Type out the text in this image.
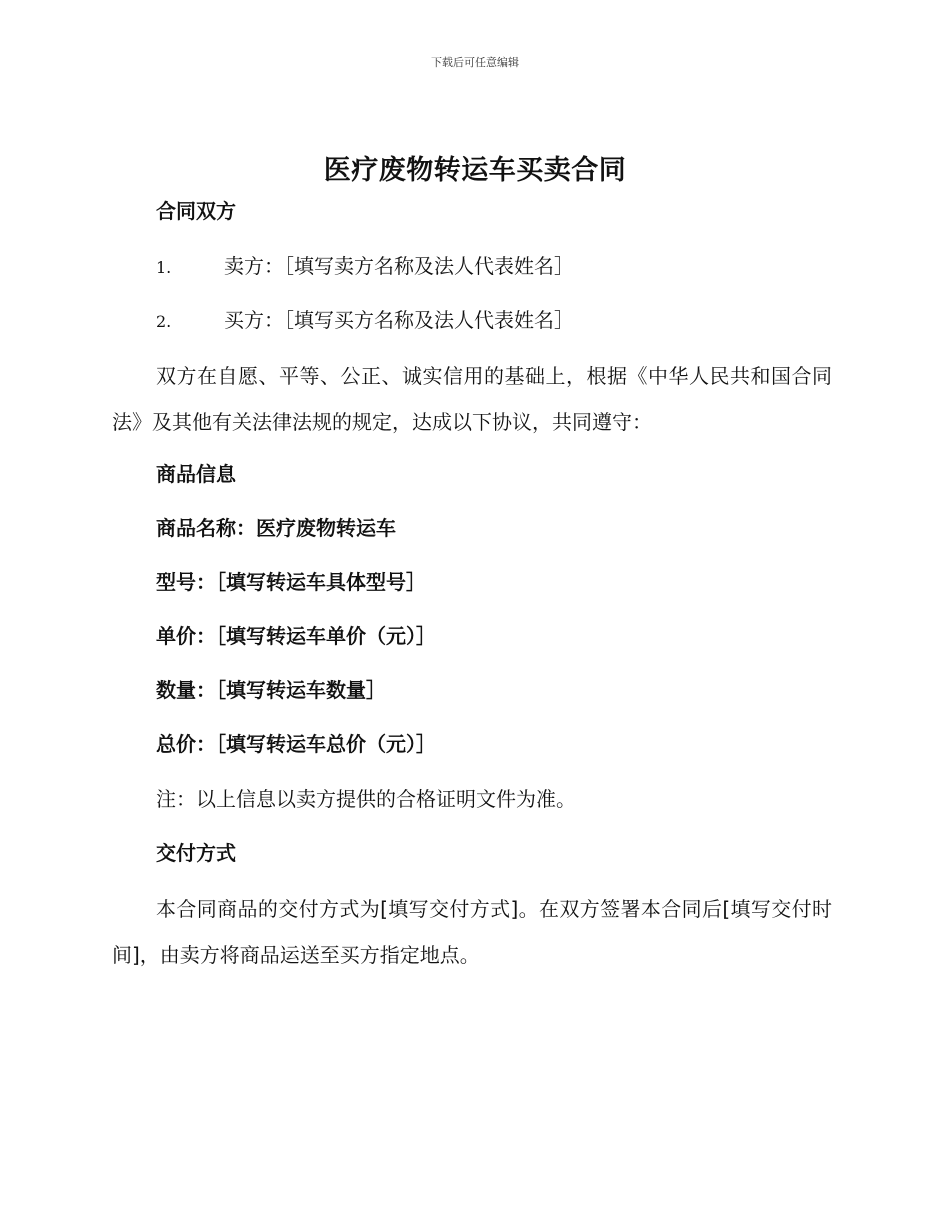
下载后可任意编辑
医疗废物转运车买卖合同
合同双方
1.	卖方：［填写卖方名称及法人代表姓名］
2.	买方：［填写买方名称及法人代表姓名］
双方在自愿、平等、公正、诚实信用的基础上，根据《中华人民共和国合同法》及其他有关法律法规的规定，达成以下协议，共同遵守：
商品信息
商品名称：医疗废物转运车
型号：［填写转运车具体型号］
单价：［填写转运车单价（元）］
数量：［填写转运车数量］
总价：［填写转运车总价（元）］
注：以上信息以卖方提供的合格证明文件为准。
交付方式
本合同商品的交付方式为[填写交付方式]。在双方签署本合同后[填写交付时间]，由卖方将商品运送至买方指定地点。
